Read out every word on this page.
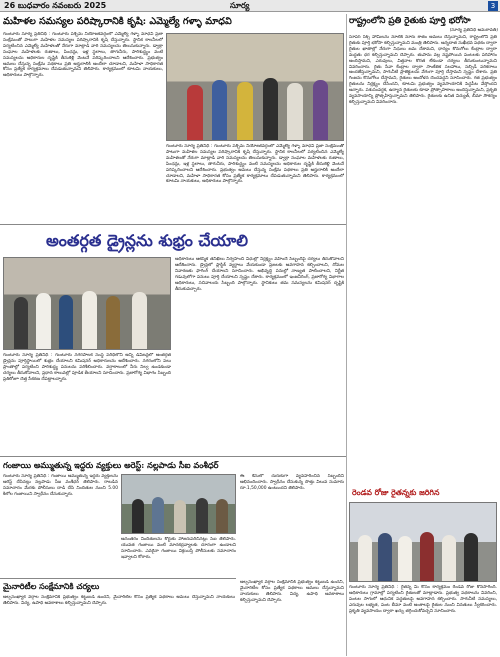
26 బుధవారం నవంబరు 2025	సూర్య	3
మహిళల సమస్యల పరిష్కారానికి కృషి: ఎమ్మెల్యే గళ్ళా మాధవి
గుంటూరు సూర్య ప్రతినిధి : గుంటూరు పశ్చిమ నియోజకవర్గంలో ఎమ్మెల్యే గళ్ళా మాధవి ప్రజా సంక్షేమంతో పాటుగా మహిళల సమస్యల పరిష్కారానికి కృషి చేస్తున్నారు. స్థానిక కాలనీలలో పర్యటించిన ఎమ్మెల్యే మహిళలతో నేరుగా మాట్లాడి వారి సమస్యలను తెలుసుకున్నారు. డ్వాక్రా సంఘాల మహిళలకు రుణాలు, పింఛన్లు, ఇళ్ల స్థలాలు, తాగునీరు, పారిశుద్ధ్యం వంటి సమస్యలను అధికారుల దృష్టికి తీసుకెళ్లి వెంటనే పరిష్కరించాలని ఆదేశించారు. ప్రభుత్వం అమలు చేస్తున్న సంక్షేమ పథకాలు ప్రతి అర్హురాలికి అందేలా చూడాలని, మహిళా సాధికారత కోసం ప్రత్యేక కార్యక్రమాలు చేపడుతున్నామని తెలిపారు. కార్యక్రమంలో కూటమి నాయకులు, అధికారులు పాల్గొన్నారు.
గుంటూరు సూర్య ప్రతినిధి : గుంటూరు పశ్చిమ నియోజకవర్గంలో ఎమ్మెల్యే గళ్ళా మాధవి ప్రజా సంక్షేమంతో పాటుగా మహిళల సమస్యల పరిష్కారానికి కృషి చేస్తున్నారు. స్థానిక కాలనీలలో పర్యటించిన ఎమ్మెల్యే మహిళలతో నేరుగా మాట్లాడి వారి సమస్యలను తెలుసుకున్నారు. డ్వాక్రా సంఘాల మహిళలకు రుణాలు, పింఛన్లు, ఇళ్ల స్థలాలు, తాగునీరు, పారిశుద్ధ్యం వంటి సమస్యలను అధికారుల దృష్టికి తీసుకెళ్లి వెంటనే పరిష్కరించాలని ఆదేశించారు. ప్రభుత్వం అమలు చేస్తున్న సంక్షేమ పథకాలు ప్రతి అర్హురాలికి అందేలా చూడాలని, మహిళా సాధికారత కోసం ప్రత్యేక కార్యక్రమాలు చేపడుతున్నామని తెలిపారు. కార్యక్రమంలో కూటమి నాయకులు, అధికారులు పాల్గొన్నారు.
రాష్ట్రంలోని ప్రతి రైతుకు పూర్తి భరోసా
(సూర్య ప్రతినిధి అమరావతి)
సూపర్ సిక్స్ హామీలను నూటికి నూరు శాతం అమలు చేస్తున్నామని, రాష్ట్రంలోని ప్రతి రైతుకు పూర్తి భరోసా కల్పిస్తున్నామని మంత్రి తెలిపారు. అన్నదాత సుఖీభవ పథకం ద్వారా రైతుల ఖాతాల్లో నేరుగా నిధులు జమ చేశామని, ధాన్యం కొనుగోలు కేంద్రాల ద్వారా మద్దతు ధర కల్పిస్తున్నామని చెప్పారు. తుపాను వల్ల నష్టపోయిన పంటలకు పరిహారం అందిస్తామని, ఎరువులు, విత్తనాల కొరత లేకుండా చర్యలు తీసుకుంటున్నామని వివరించారు. రైతు సేవా కేంద్రాల ద్వారా సాంకేతిక సలహాలు, సబ్సిడీ పరికరాలు అందజేస్తున్నామని, సాగునీటి ప్రాజెక్టులను వేగంగా పూర్తి చేస్తామని స్పష్టం చేశారు. ప్రతి గింజను కొనుగోలు చేస్తామని, రైతులు ఆందోళన చెందవద్దని సూచించారు. గత ప్రభుత్వం రైతులను నిర్లక్ష్యం చేసిందని, కూటమి ప్రభుత్వం వ్యవసాయానికి పెద్దపీట వేస్తోందని అన్నారు. పశుసంవర్ధక, ఉద్యాన రైతులకు కూడా ప్రోత్సాహకాలు అందిస్తున్నామని, ప్రకృతి వ్యవసాయాన్ని ప్రోత్సహిస్తున్నామని తెలిపారు. రైతులకు ఉచిత విద్యుత్, బీమా సౌకర్యం కల్పిస్తున్నామని వివరించారు.
అంతర్గత డ్రైన్లను శుభ్రం చేయాలి
గుంటూరు సూర్య ప్రతినిధి : గుంటూరు నగరపాలక సంస్థ పరిధిలోని అన్ని డివిజన్లలో అంతర్గత డ్రైన్లను పూర్తిస్థాయిలో శుభ్రం చేయాలని కమిషనర్ అధికారులను ఆదేశించారు. నగరంలోని పలు ప్రాంతాల్లో పర్యటించి పారిశుద్ధ్య పనులను పరిశీలించారు. వర్షాకాలంలో నీరు నిల్వ ఉండకుండా చర్యలు తీసుకోవాలని, ప్రధాన కాలువల్లో పూడిక తీయాలని సూచించారు. ప్రజారోగ్య విభాగం సిబ్బంది ప్రతిరోజూ చెత్త సేకరణ చేపట్టాలన్నారు.
అధికారులు ఆకస్మిక తనిఖీలు నిర్వహించి విధుల్లో నిర్లక్ష్యం వహించే సిబ్బందిపై చర్యలు తీసుకోవాలని ఆదేశించారు. డ్రైన్లలో ప్లాస్టిక్ వ్యర్థాలు వేయకుండా ప్రజలకు అవగాహన కల్పించాలని, దోమల నివారణకు ఫాగింగ్ చేయాలని సూచించారు. అభివృద్ధి పనుల్లో నాణ్యత పాటించాలని, నిర్ణీత గడువులోగా పనులు పూర్తి చేయాలని స్పష్టం చేశారు. కార్యక్రమంలో ఇంజనీరింగ్, ప్రజారోగ్య విభాగాల అధికారులు, సచివాలయ సిబ్బంది పాల్గొన్నారు. స్థానికులు తమ సమస్యలను కమిషనర్ దృష్టికి తీసుకువచ్చారు.
గంజాయి అమ్ముతున్న ఇద్దరు వ్యక్తులు అరెస్ట్: నల్లపాడు సీఐ వంశీధర్
గుంటూరు సూర్య ప్రతినిధి : గంజాయి అమ్ముతున్న ఇద్దరు వ్యక్తులను అరెస్ట్ చేసినట్లు నల్లపాడు సీఐ వంశీధర్ తెలిపారు. రాబడిన సమాచారం మేరకు పోలీసులు దాడి చేసి నిందితుల నుంచి 5.00 కిలోల గంజాయిని స్వాధీనం చేసుకున్నారు.
అనంతరం నిందితులను కోర్టుకు హాజరుపరిచినట్లు సీఐ తెలిపారు. యువత గంజాయి వంటి మాదకద్రవ్యాలకు దూరంగా ఉండాలని సూచించారు. ఎవరైనా గంజాయి విక్రయిస్తే పోలీసులకు సమాచారం ఇవ్వాలని కోరారు.
ఈ కేసులో చురుకుగా వ్యవహరించిన సిబ్బందిని అభినందించారు. స్వాధీనం చేసుకున్న సొత్తు విలువ సుమారు రూ.1,50,000 ఉంటుందని తెలిపారు.
మైనారిటీల సంక్షేమానికి చర్యలు
అల్పసంఖ్యాక వర్గాల సంక్షేమానికి ప్రభుత్వం కట్టుబడి ఉందని, మైనారిటీల కోసం ప్రత్యేక పథకాలు అమలు చేస్తున్నామని నాయకులు తెలిపారు. విద్య, ఉపాధి అవకాశాలు కల్పిస్తున్నామని చెప్పారు.
అల్పసంఖ్యాక వర్గాల సంక్షేమానికి ప్రభుత్వం కట్టుబడి ఉందని, మైనారిటీల కోసం ప్రత్యేక పథకాలు అమలు చేస్తున్నామని నాయకులు తెలిపారు. విద్య, ఉపాధి అవకాశాలు కల్పిస్తున్నామని చెప్పారు.
రెండవ రోజు రైతన్నకు జరిగిన
గుంటూరు సూర్య ప్రతినిధి : రైతన్న మీ కోసం కార్యక్రమం రెండవ రోజు కొనసాగింది. అధికారులు గ్రామాల్లో పర్యటించి రైతులతో మాట్లాడారు. ప్రభుత్వ పథకాలను వివరించి, పంటల సాగులో ఆధునిక పద్ధతులపై అవగాహన కల్పించారు. సాగునీటి సమస్యలు, ఎరువుల లభ్యత, పంట బీమా వంటి అంశాలపై రైతుల నుంచి వినతులు స్వీకరించారు. ప్రకృతి వ్యవసాయం ద్వారా ఖర్చు తగ్గించుకోవచ్చని సూచించారు.
